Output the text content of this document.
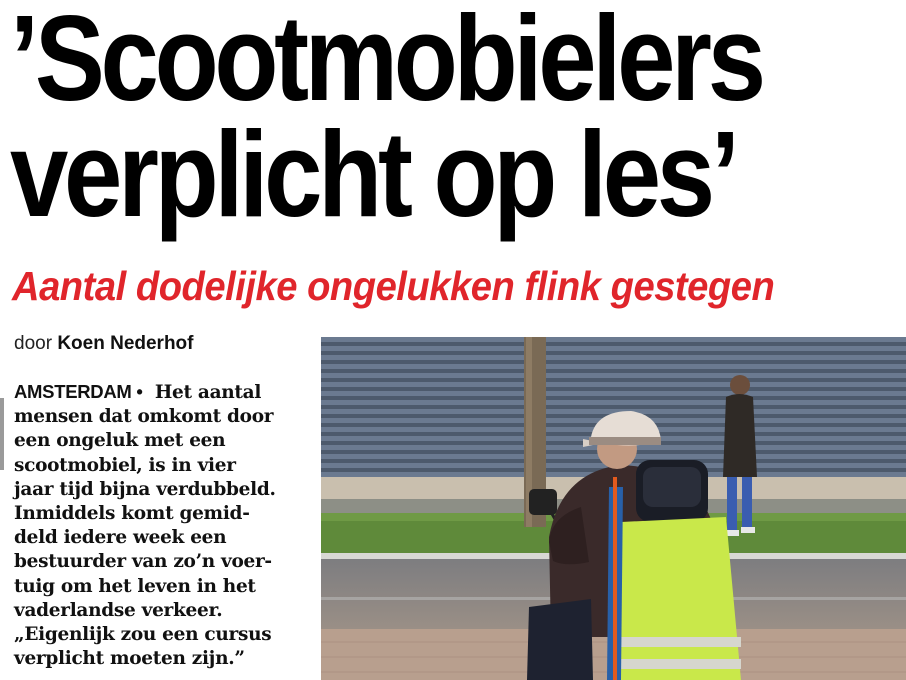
’Scootmobielers
verplicht op les’
Aantal dodelijke ongelukken flink gestegen
door Koen Nederhof

AMSTERDAM • Het aantal

mensen dat omkomt door

een ongeluk met een

scootmobiel, is in vier

jaar tijd bijna verdubbeld.

Inmiddels komt gemid-

deld iedere week een

bestuurder van zo’n voer-

tuig om het leven in het

vaderlandse verkeer.

„Eigenlijk zou een cursus

verplicht moeten zijn.”
